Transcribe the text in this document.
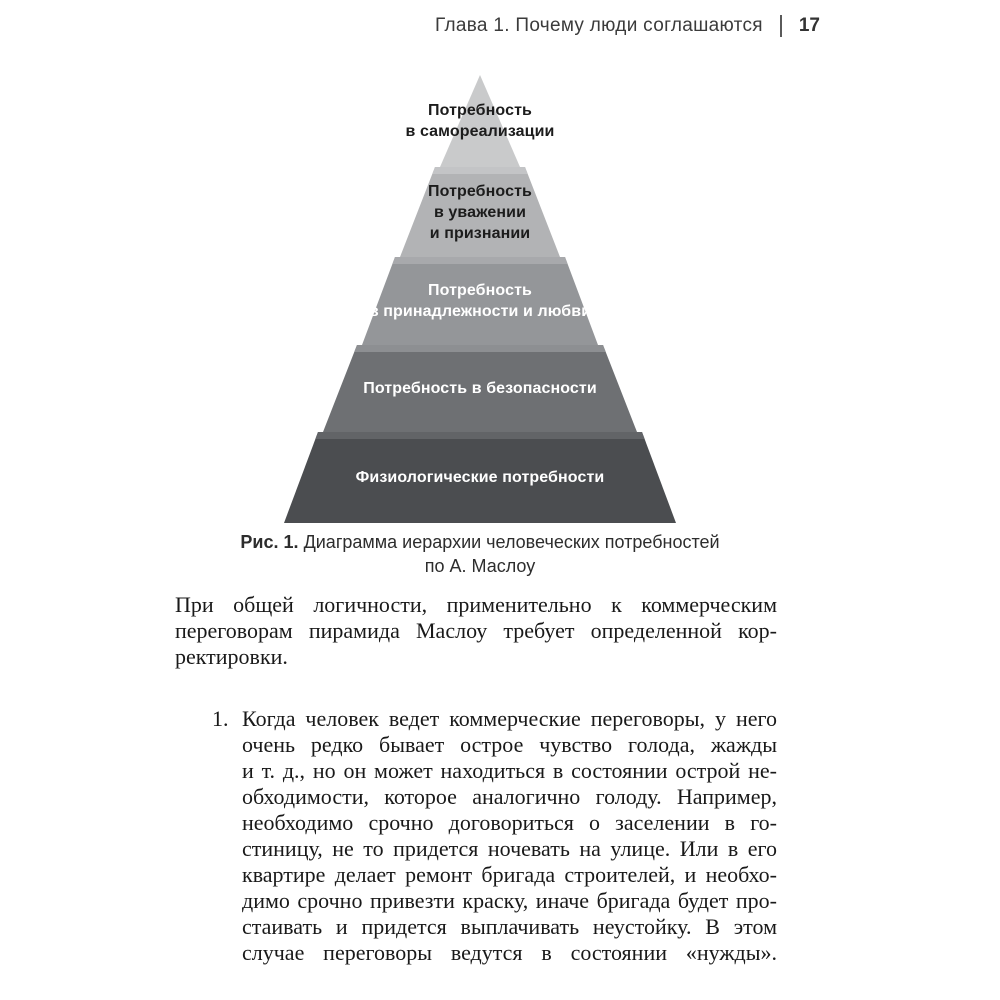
Глава 1. Почему люди соглашаются 17
Потребность
в самореализации
Потребность
в уважении
и признании
Потребность
в принадлежности и любви
Потребность в безопасности
Физиологические потребности
Рис. 1. Диаграмма иерархии человеческих потребностей
по А. Маслоу
При общей логичности, применительно к коммерческим
переговорам пирамида Маслоу требует определенной кор-
ректировки.
1. Когда человек ведет коммерческие переговоры, у него
очень редко бывает острое чувство голода, жажды
и т. д., но он может находиться в состоянии острой не-
обходимости, которое аналогично голоду. Например,
необходимо срочно договориться о заселении в го-
стиницу, не то придется ночевать на улице. Или в его
квартире делает ремонт бригада строителей, и необхо-
димо срочно привезти краску, иначе бригада будет про-
стаивать и придется выплачивать неустойку. В этом
случае переговоры ведутся в состоянии «нужды».
